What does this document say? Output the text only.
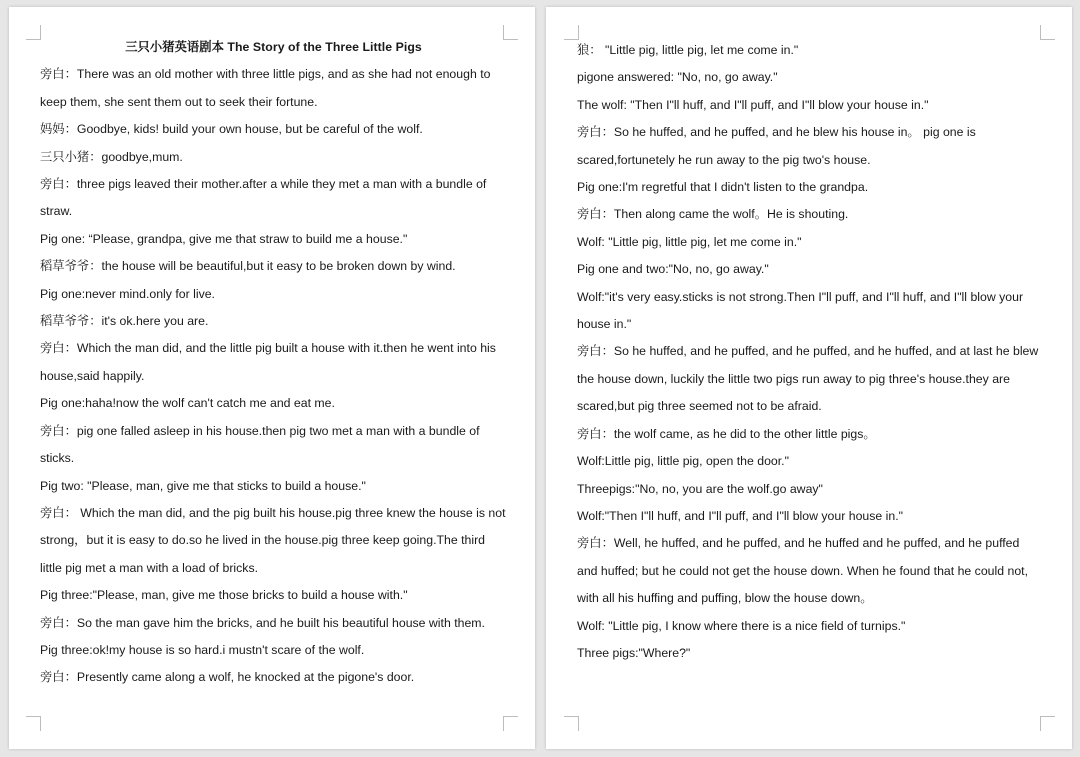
三只小猪英语剧本 The Story of the Three Little Pigs

旁白：There was an old mother with three little pigs, and as she had not enough to keep them, she sent them out to seek their fortune.

妈妈：Goodbye, kids! build your own house, but be careful of the wolf.

三只小猪：goodbye,mum.

旁白：three pigs leaved their mother.after a while they met a man with a bundle of straw.

Pig one: “Please, grandpa, give me that straw to build me a house."

稻草爷爷：the house will be beautiful,but it easy to be broken down by wind.

Pig one:never mind.only for live.

稻草爷爷：it's ok.here you are.

旁白：Which the man did, and the little pig built a house with it.then he went into his house,said happily.

Pig one:haha!now the wolf can't catch me and eat me.

旁白：pig one falled asleep in his house.then pig two met a man with a bundle of sticks.

Pig two: "Please, man, give me that sticks to build a house."

旁白： Which the man did, and the pig built his house.pig three knew the house is not strong，but it is easy to do.so he lived in the house.pig three keep going.The third little pig met a man with a load of bricks.

Pig three:"Please, man, give me those bricks to build a house with."

旁白：So the man gave him the bricks, and he built his beautiful house with them.

Pig three:ok!my house is so hard.i mustn't scare of the wolf.

旁白：Presently came along a wolf, he knocked at the pigone's door.

狼： "Little pig, little pig, let me come in."

pigone answered: "No, no, go away."

The wolf: "Then I"ll huff, and I"ll puff, and I"ll blow your house in."

旁白：So he huffed, and he puffed, and he blew his house in。 pig one is scared,fortunetely he run away to the pig two's house.

Pig one:I'm regretful that I didn't listen to the grandpa.

旁白：Then along came the wolf。He is shouting.

Wolf: "Little pig, little pig, let me come in."

Pig one and two:"No, no, go away."

Wolf:"it's very easy.sticks is not strong.Then I"ll puff, and I"ll huff, and I"ll blow your house in."

旁白：So he huffed, and he puffed, and he puffed, and he huffed, and at last he blew the house down, luckily the little two pigs run away to pig three's house.they are scared,but pig three seemed not to be afraid.

旁白：the wolf came, as he did to the other little pigs。

Wolf:Little pig, little pig, open the door."

Threepigs:"No, no, you are the wolf.go away"

Wolf:"Then I"ll huff, and I"ll puff, and I"ll blow your house in."

旁白：Well, he huffed, and he puffed, and he huffed and he puffed, and he puffed and huffed; but he could not get the house down. When he found that he could not, with all his huffing and puffing, blow the house down。

Wolf: "Little pig, I know where there is a nice field of turnips."

Three pigs:"Where?"
